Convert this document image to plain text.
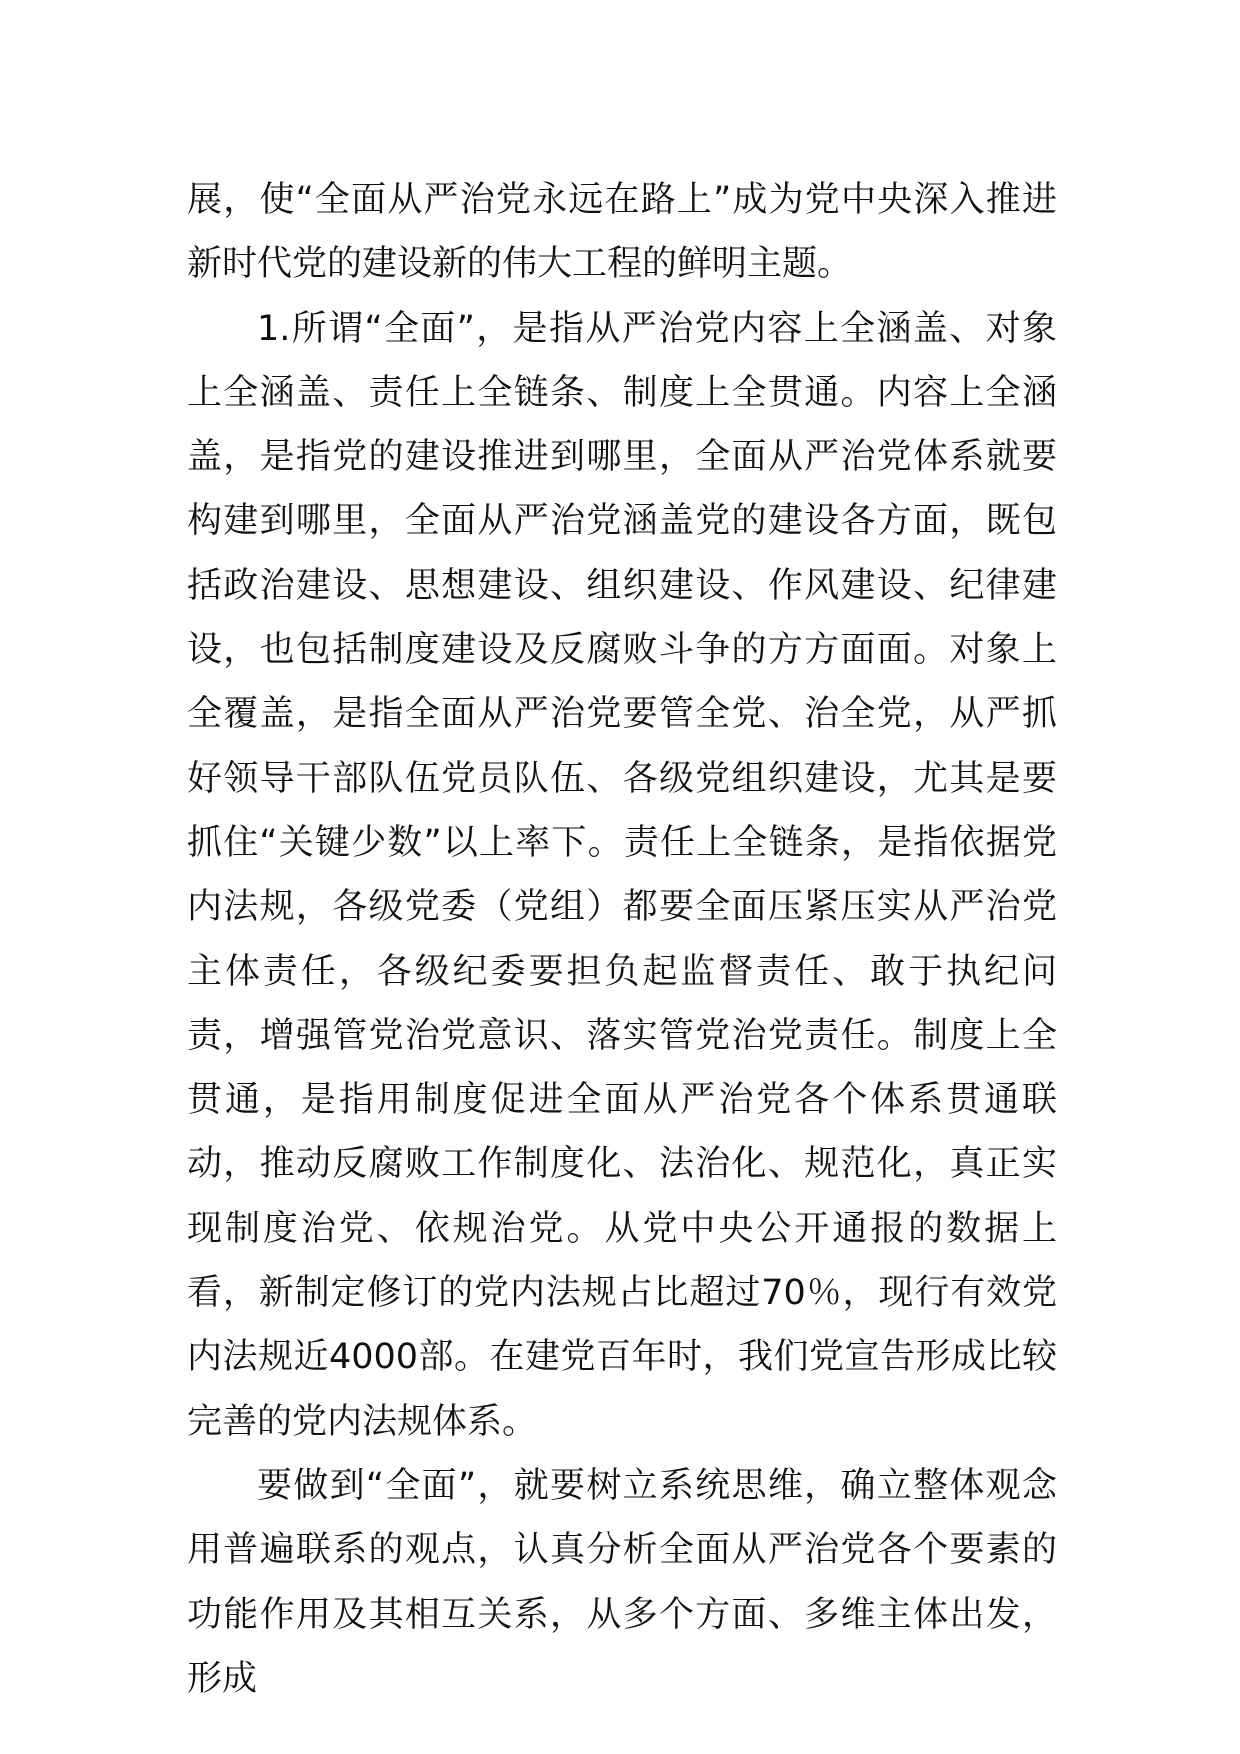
展，使“全面从严治党永远在路上”成为党中央深入推进新时代党的建设新的伟大工程的鲜明主题。

1.所谓“全面”，是指从严治党内容上全涵盖、对象上全涵盖、责任上全链条、制度上全贯通。内容上全涵盖，是指党的建设推进到哪里，全面从严治党体系就要构建到哪里，全面从严治党涵盖党的建设各方面，既包括政治建设、思想建设、组织建设、作风建设、纪律建设，也包括制度建设及反腐败斗争的方方面面。对象上全覆盖，是指全面从严治党要管全党、治全党，从严抓好领导干部队伍党员队伍、各级党组织建设，尤其是要抓住“关键少数”以上率下。责任上全链条，是指依据党内法规，各级党委（党组）都要全面压紧压实从严治党主体责任，各级纪委要担负起监督责任、敢于执纪问责，增强管党治党意识、落实管党治党责任。制度上全贯通，是指用制度促进全面从严治党各个体系贯通联动，推动反腐败工作制度化、法治化、规范化，真正实现制度治党、依规治党。从党中央公开通报的数据上看，新制定修订的党内法规占比超过70％，现行有效党内法规近4000部。在建党百年时，我们党宣告形成比较完善的党内法规体系。

要做到“全面”，就要树立系统思维，确立整体观念用普遍联系的观点，认真分析全面从严治党各个要素的功能作用及其相互关系，从多个方面、多维主体出发，形成
